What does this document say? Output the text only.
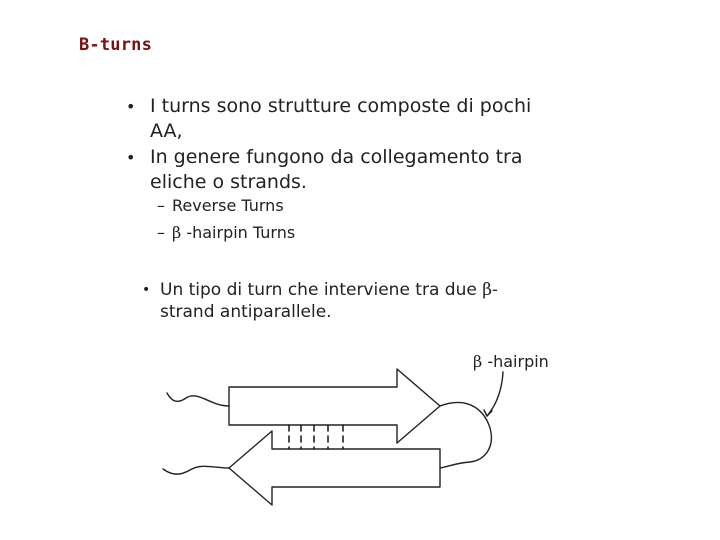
B-turns
• I turns sono strutture composte di pochi
AA,
• In genere fungono da collegamento tra
eliche o strands.
– Reverse Turns
– β -hairpin Turns
• Un tipo di turn che interviene tra due β-
strand antiparallele.
β -hairpin
